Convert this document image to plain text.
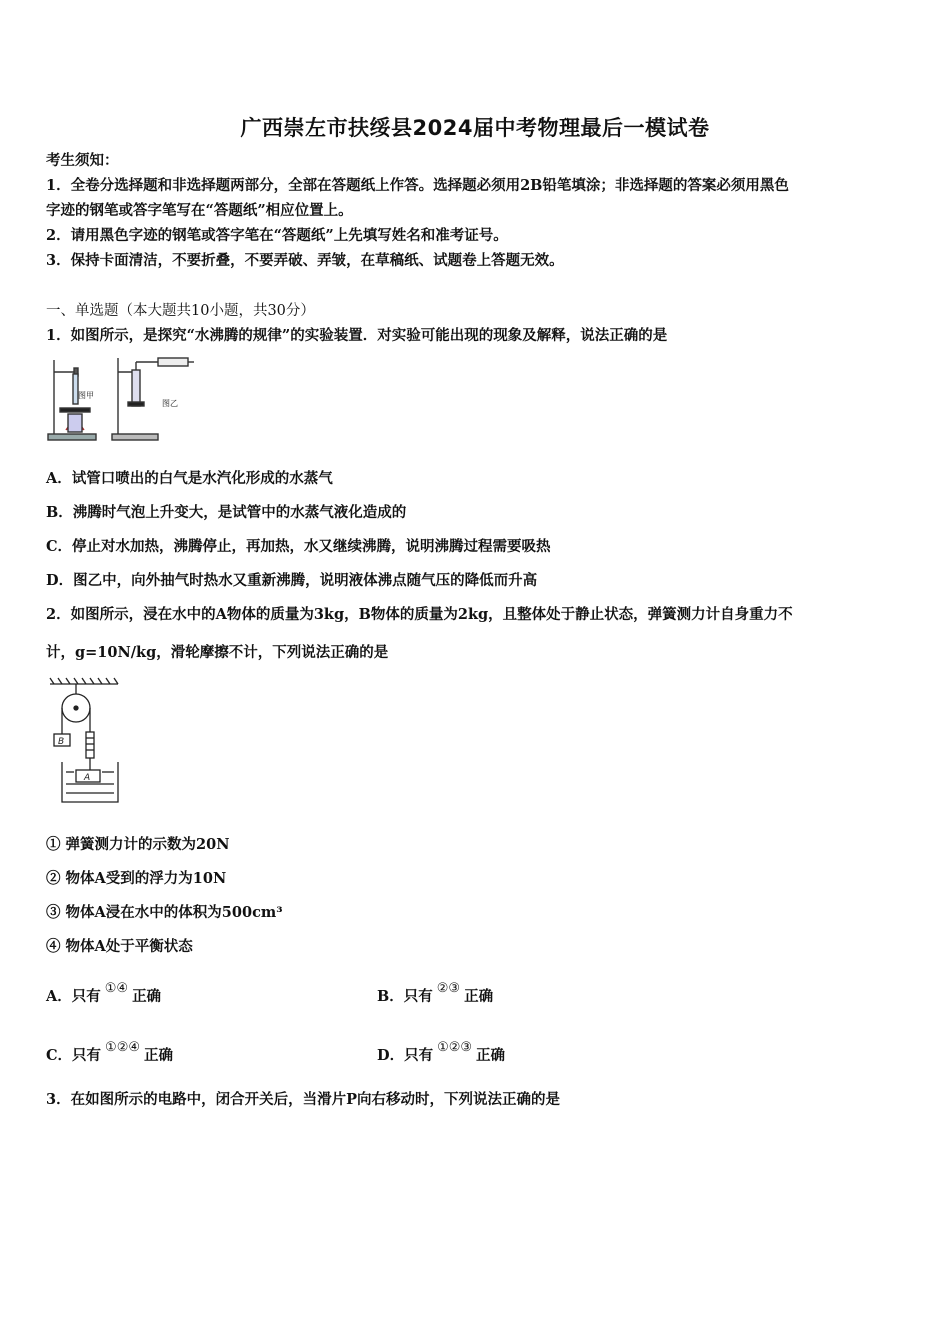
广西崇左市扶绥县2024届中考物理最后一模试卷
考生须知：
1．全卷分选择题和非选择题两部分，全部在答题纸上作答。选择题必须用2B铅笔填涂；非选择题的答案必须用黑色
字迹的钢笔或答字笔写在“答题纸”相应位置上。
2．请用黑色字迹的钢笔或答字笔在“答题纸”上先填写姓名和准考证号。
3．保持卡面清洁，不要折叠，不要弄破、弄皱，在草稿纸、试题卷上答题无效。
一、单选题（本大题共10小题，共30分）
1．如图所示，是探究“水沸腾的规律”的实验装置．对实验可能出现的现象及解释，说法正确的是
图甲
图乙
A．试管口喷出的白气是水汽化形成的水蒸气
B．沸腾时气泡上升变大，是试管中的水蒸气液化造成的
C．停止对水加热，沸腾停止，再加热，水又继续沸腾，说明沸腾过程需要吸热
D．图乙中，向外抽气时热水又重新沸腾，说明液体沸点随气压的降低而升高
2．如图所示，浸在水中的A物体的质量为3kg，B物体的质量为2kg，且整体处于静止状态，弹簧测力计自身重力不
计，g=10N/kg，滑轮摩擦不计，下列说法正确的是
B
A
① 弹簧测力计的示数为20N
② 物体A受到的浮力为10N
③ 物体A浸在水中的体积为500cm³
④ 物体A处于平衡状态
A．只有 ①④ 正确	B．只有 ②③ 正确
C．只有 ①②④ 正确	D．只有 ①②③ 正确
3．在如图所示的电路中，闭合开关后，当滑片P向右移动时，下列说法正确的是
